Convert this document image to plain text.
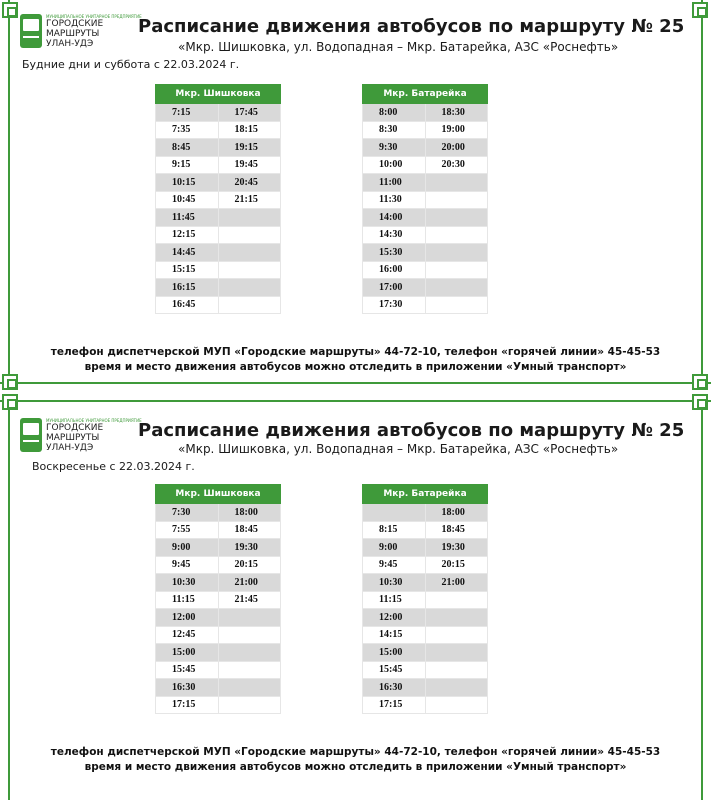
МУНИЦИПАЛЬНОЕ УНИТАРНОЕ ПРЕДПРИЯТИЕ
ГОРОДСКИЕ
МАРШРУТЫ
УЛАН-УДЭ
Расписание движения автобусов по маршруту № 25
«Мкр. Шишковка, ул. Водопадная – Мкр. Батарейка, АЗС «Роснефть»
Будние дни и суббота с 22.03.2024 г.
Мкр. Шишковка	
7:15	17:45
7:35	18:15
8:45	19:15
9:15	19:45
10:15	20:45
10:45	21:15
11:45	
12:15	
14:45	
15:15	
16:15	
16:45	
Мкр. Батарейка	
8:00	18:30
8:30	19:00
9:30	20:00
10:00	20:30
11:00	
11:30	
14:00	
14:30	
15:30	
16:00	
17:00	
17:30	
телефон диспетчерской МУП «Городские маршруты» 44-72-10, телефон «горячей линии» 45-45-53
время и место движения автобусов можно отследить в приложении «Умный транспорт»
МУНИЦИПАЛЬНОЕ УНИТАРНОЕ ПРЕДПРИЯТИЕ
ГОРОДСКИЕ
МАРШРУТЫ
УЛАН-УДЭ
Расписание движения автобусов по маршруту № 25
«Мкр. Шишковка, ул. Водопадная – Мкр. Батарейка, АЗС «Роснефть»
Воскресенье с 22.03.2024 г.
Мкр. Шишковка	
7:30	18:00
7:55	18:45
9:00	19:30
9:45	20:15
10:30	21:00
11:15	21:45
12:00	
12:45	
15:00	
15:45	
16:30	
17:15	
Мкр. Батарейка	
	18:00
8:15	18:45
9:00	19:30
9:45	20:15
10:30	21:00
11:15	
12:00	
14:15	
15:00	
15:45	
16:30	
17:15	
телефон диспетчерской МУП «Городские маршруты» 44-72-10, телефон «горячей линии» 45-45-53
время и место движения автобусов можно отследить в приложении «Умный транспорт»
